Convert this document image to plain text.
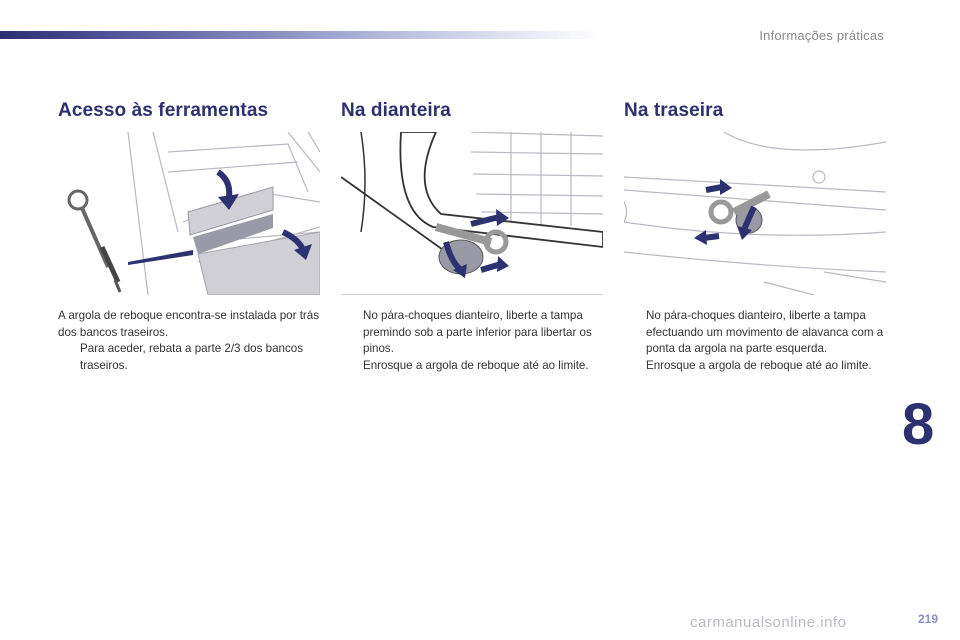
Informações práticas
Acesso às ferramentas

A argola de reboque encontra-se instalada por trás dos bancos traseiros.

Para aceder, rebata a parte 2/3 dos bancos traseiros.
Na dianteira
No pára-choques dianteiro, liberte a tampa premindo sob a parte inferior para libertar os pinos.
Enrosque a argola de reboque até ao limite.
Na traseira
No pára-choques dianteiro, liberte a tampa efectuando um movimento de alavanca com a ponta da argola na parte esquerda.
Enrosque a argola de reboque até ao limite.
8
carmanualsonline.info	219
